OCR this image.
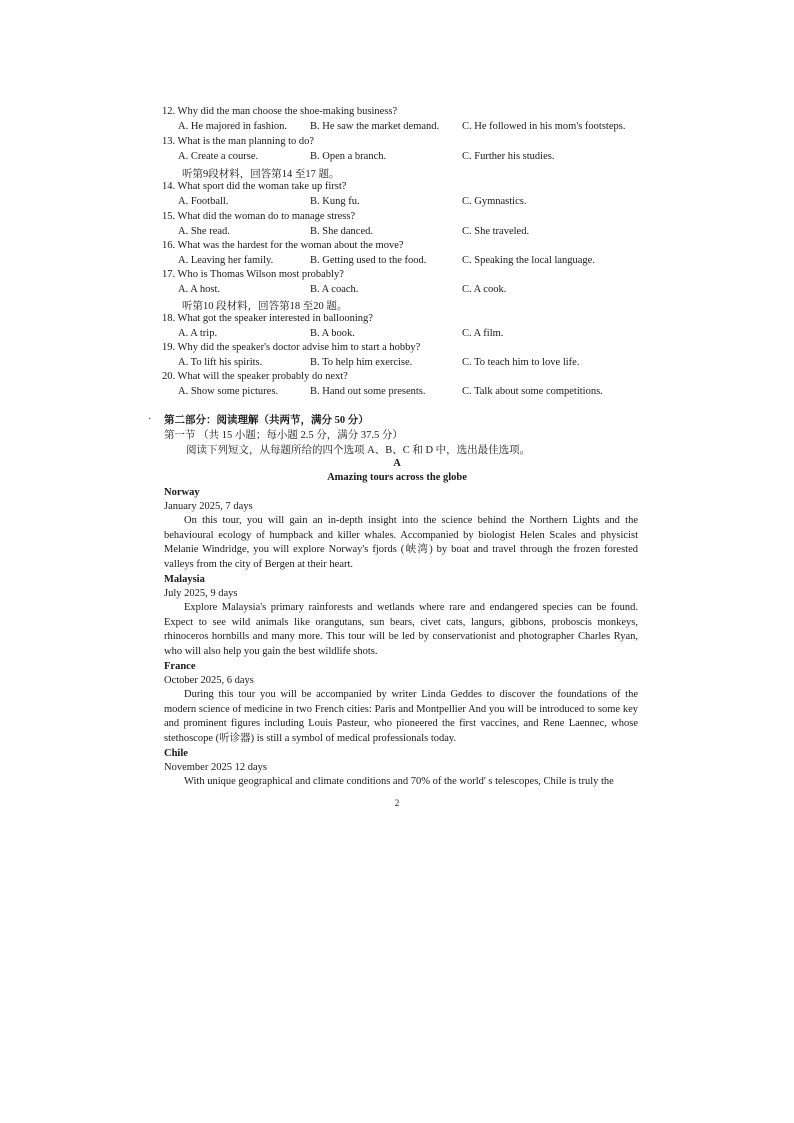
12. Why did the man choose the shoe-making business?
A. He majored in fashion. B. He saw the market demand. C. He followed in his mom's footsteps.
13. What is the man planning to do?
A. Create a course.	B. Open a branch.	C. Further his studies.
听第9段材料，回答第14 至17 题。
14. What sport did the woman take up first?
A. Football.	B. Kung fu.	C. Gymnastics.
15. What did the woman do to manage stress?
A. She read.	B. She danced.	C. She traveled.
16. What was the hardest for the woman about the move?
A. Leaving her family.	B. Getting used to the food.	C. Speaking the local language.
17. Who is Thomas Wilson most probably?
A. A host.	B. A coach.	C. A cook.
听第10 段材料，回答第18 至20 题。
18. What got the speaker interested in ballooning?
A. A trip.	B. A book.	C. A film.
19. Why did the speaker's doctor advise him to start a hobby?
A. To lift his spirits.	B. To help him exercise.	C. To teach him to love life.
20. What will the speaker probably do next?
A. Show some pictures.	B. Hand out some presents.	C. Talk about some competitions.
· 第二部分：阅读理解（共两节，满分 50 分）
第一节 （共 15 小题；每小题 2.5 分，满分 37.5 分）
阅读下列短文，从每题所给的四个选项 A、B、C 和 D 中，选出最佳选项。
A
Amazing tours across the globe
Norway
January 2025, 7 days
On this tour, you will gain an in-depth insight into the science behind the Northern Lights and the behavioural ecology of humpback and killer whales. Accompanied by biologist Helen Scales and physicist Melanie Windridge, you will explore Norway's fjords (峡湾) by boat and travel through the frozen forested valleys from the city of Bergen at their heart.
Malaysia
July 2025, 9 days
Explore Malaysia's primary rainforests and wetlands where rare and endangered species can be found. Expect to see wild animals like orangutans, sun bears, civet cats, langurs, gibbons, proboscis monkeys, rhinoceros hornbills and many more. This tour will be led by conservationist and photographer Charles Ryan, who will also help you gain the best wildlife shots.
France
October 2025, 6 days
During this tour you will be accompanied by writer Linda Geddes to discover the foundations of the modern science of medicine in two French cities: Paris and Montpellier And you will be introduced to some key and prominent figures including Louis Pasteur, who pioneered the first vaccines, and Rene Laennec, whose stethoscope (听诊器) is still a symbol of medical professionals today.
Chile
November 2025 12 days
With unique geographical and climate conditions and 70% of the world' s telescopes, Chile is truly the
2
